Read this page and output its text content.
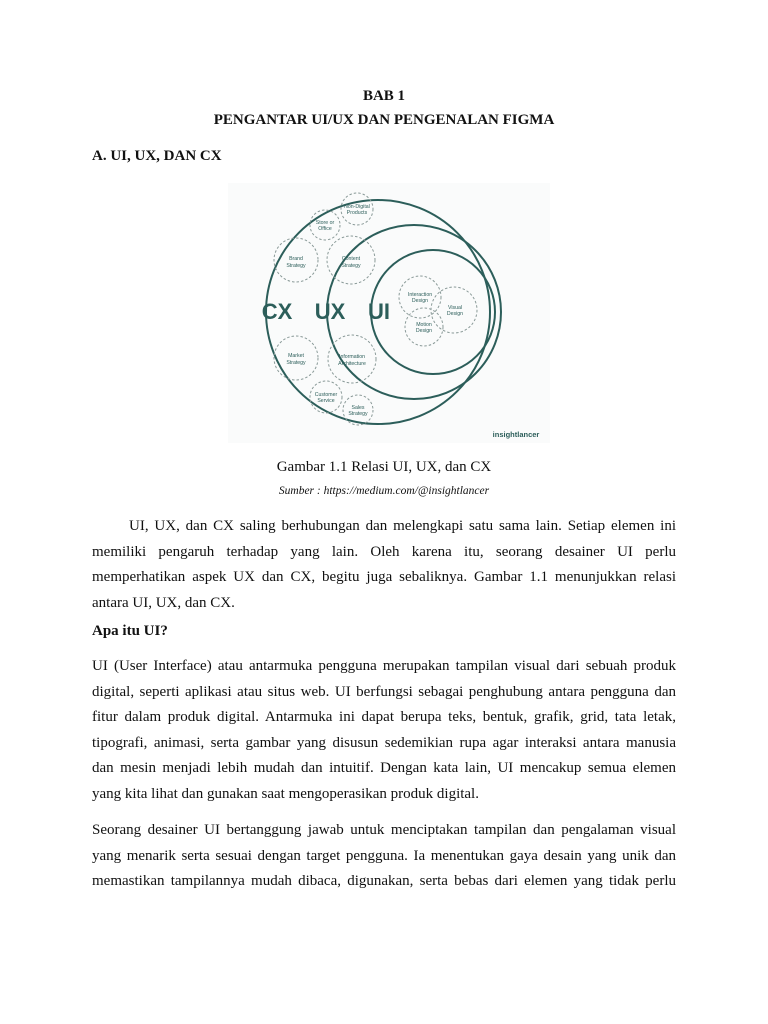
BAB 1
PENGANTAR UI/UX DAN PENGENALAN FIGMA
A. UI, UX, DAN CX
CX UX UI
Non-Digital
Products
Store or
Office
Brand
Strategy
Content
Strategy
Interaction
Design
Visual
Design
Motion
Design
Market
Strategy
Information
Architecture
Customer
Service
Sales
Strategy
insightlancer
Gambar 1.1 Relasi UI, UX, dan CX
Sumber : https://medium.com/@insightlancer
UI, UX, dan CX saling berhubungan dan melengkapi satu sama lain. Setiap elemen ini
memiliki pengaruh terhadap yang lain. Oleh karena itu, seorang desainer UI perlu
memperhatikan aspek UX dan CX, begitu juga sebaliknya. Gambar 1.1 menunjukkan relasi
antara UI, UX, dan CX.
Apa itu UI?
UI (User Interface) atau antarmuka pengguna merupakan tampilan visual dari sebuah produk
digital, seperti aplikasi atau situs web. UI berfungsi sebagai penghubung antara pengguna dan
fitur dalam produk digital. Antarmuka ini dapat berupa teks, bentuk, grafik, grid, tata letak,
tipografi, animasi, serta gambar yang disusun sedemikian rupa agar interaksi antara manusia
dan mesin menjadi lebih mudah dan intuitif. Dengan kata lain, UI mencakup semua elemen
yang kita lihat dan gunakan saat mengoperasikan produk digital.
Seorang desainer UI bertanggung jawab untuk menciptakan tampilan dan pengalaman visual
yang menarik serta sesuai dengan target pengguna. Ia menentukan gaya desain yang unik dan
memastikan tampilannya mudah dibaca, digunakan, serta bebas dari elemen yang tidak perlu
